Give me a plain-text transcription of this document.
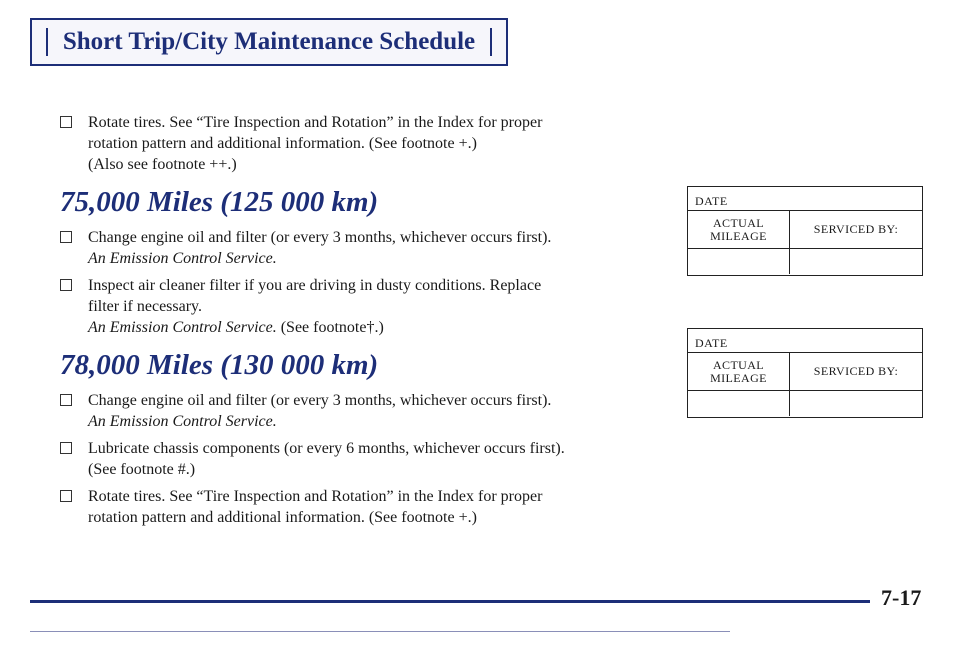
Short Trip/City Maintenance Schedule
Rotate tires. See “Tire Inspection and Rotation” in the Index for proper
rotation pattern and additional information. (See footnote +.)
(Also see footnote ++.)
75,000 Miles (125 000 km)
Change engine oil and filter (or every 3 months, whichever occurs first).
An Emission Control Service.
Inspect air cleaner filter if you are driving in dusty conditions. Replace
filter if necessary.
An Emission Control Service. (See footnote†.)
78,000 Miles (130 000 km)
Change engine oil and filter (or every 3 months, whichever occurs first).
An Emission Control Service.
Lubricate chassis components (or every 6 months, whichever occurs first).
(See footnote #.)
Rotate tires. See “Tire Inspection and Rotation” in the Index for proper
rotation pattern and additional information. (See footnote +.)
DATE
ACTUAL
MILEAGE	SERVICED BY:
DATE
ACTUAL
MILEAGE	SERVICED BY:
7-17
